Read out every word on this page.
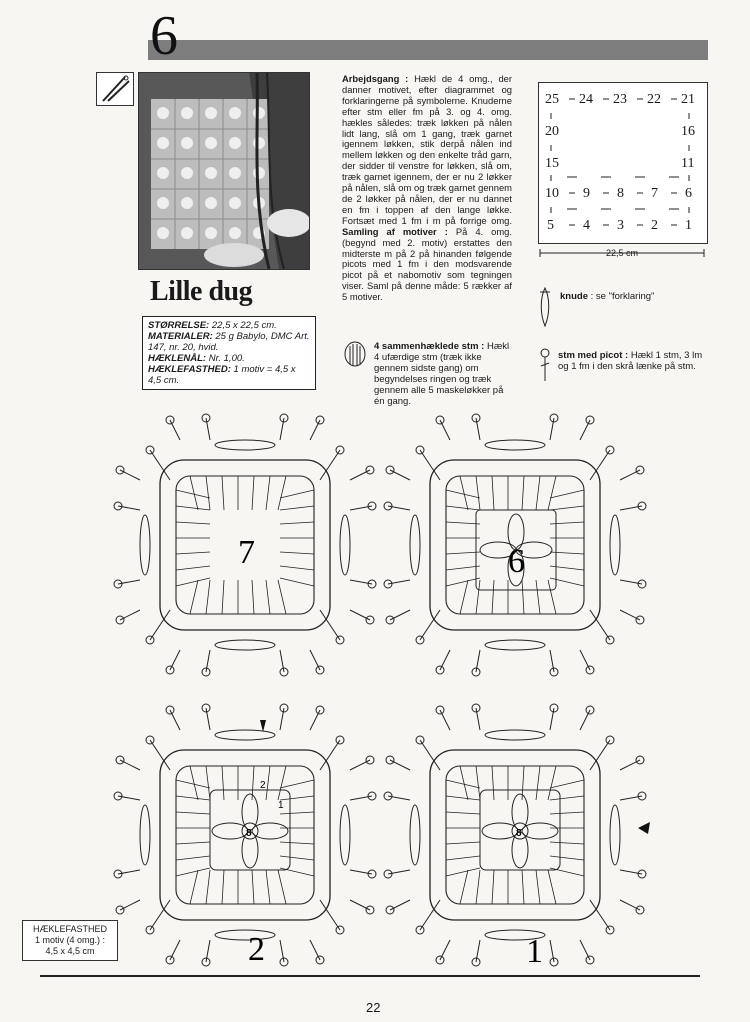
6
Lille dug
STØRRELSE: 22,5 x 22,5 cm.
MATERIALER: 25 g Babylo, DMC Art. 147, nr. 20, hvid.
HÆKLENÅL: Nr. 1,00.
HÆKLEFASTHED: 1 motiv = 4,5 x 4,5 cm.
Arbejdsgang : Hækl de 4 omg., der danner motivet, efter diagrammet og forklaringerne på symbolerne. Knuderne efter stm eller fm på 3. og 4. omg. hækles således: træk løkken på nålen lidt lang, slå om 1 gang, træk garnet igennem løkken, stik derpå nålen ind mellem løkken og den enkelte tråd garn, der sidder til venstre for løkken, slå om, træk garnet igennem, der er nu 2 løkker på nålen, slå om og træk garnet gennem de 2 løkker på nålen, der er nu dannet en fm i toppen af den lange løkke. Fortsæt med 1 fm i m på forrige omg. Samling af motiver : På 4. omg. (begynd med 2. motiv) erstattes den midterste m på 2 på hinanden følgende picots med 1 fm i den modsvarende picot på et nabomotiv som tegningen viser. Saml på denne måde: 5 rækker af 5 motiver.
4 sammenhæklede stm : Hækl 4 ufærdige stm (træk ikke gennem sidste gang) om begyndelses ringen og træk gennem alle 5 maskeløkker på én gang.
knude : se "forklaring"
stm med picot : Hækl 1 stm, 3 lm og 1 fm i den skrå lænke på stm.
25 24 23 22 21
20	16
15	11
10 9 8 7 6
5 4 3 2 1
22,5 cm
7	6
2	1
8	8
2
1
HÆKLEFASTHED
1 motiv (4 omg.) :
4,5 x 4,5 cm
22
